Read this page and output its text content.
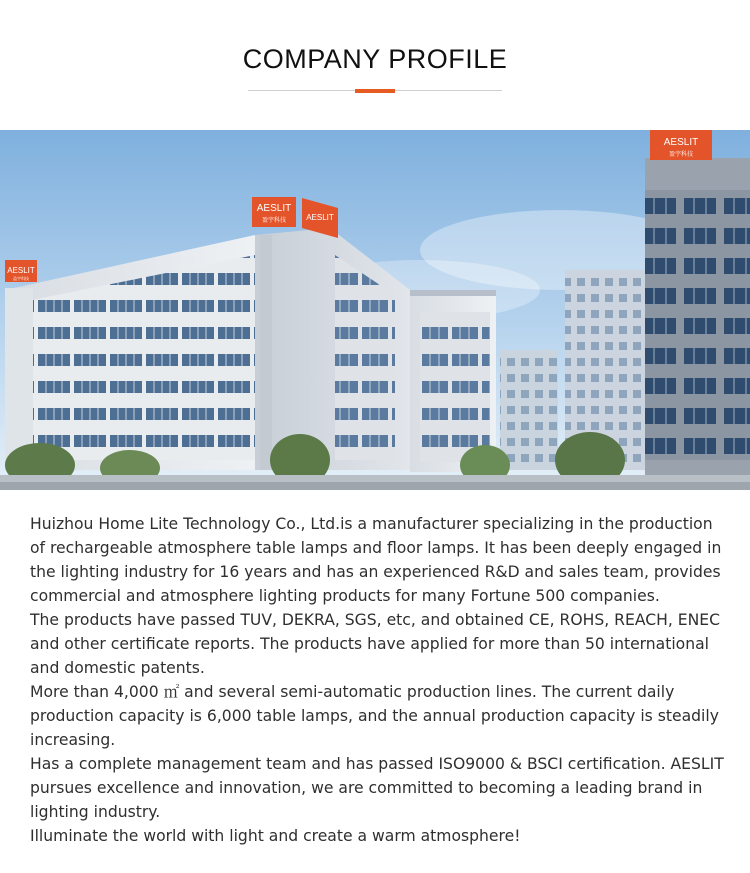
COMPANY PROFILE
AESLIT
盈宇科技
AESLIT
盈宇科技	AESLIT
AESLIT
盈宇科技

Huizhou Home Lite Technology Co., Ltd.is a manufacturer specializing in the production of rechargeable atmosphere table lamps and floor lamps. It has been deeply engaged in the lighting industry for 16 years and has an experienced R&D and sales team, provides commercial and atmosphere lighting products for many Fortune 500 companies.

The products have passed TUV, DEKRA, SGS, etc, and obtained CE, ROHS, REACH, ENEC and other certificate reports. The products have applied for more than 50 international and domestic patents.

More than 4,000 ㎡ and several semi-automatic production lines. The current daily production capacity is 6,000 table lamps, and the annual production capacity is steadily increasing.

Has a complete management team and has passed ISO9000 & BSCI certification. AESLIT pursues excellence and innovation, we are committed to becoming a leading brand in lighting industry.

Illuminate the world with light and create a warm atmosphere!
